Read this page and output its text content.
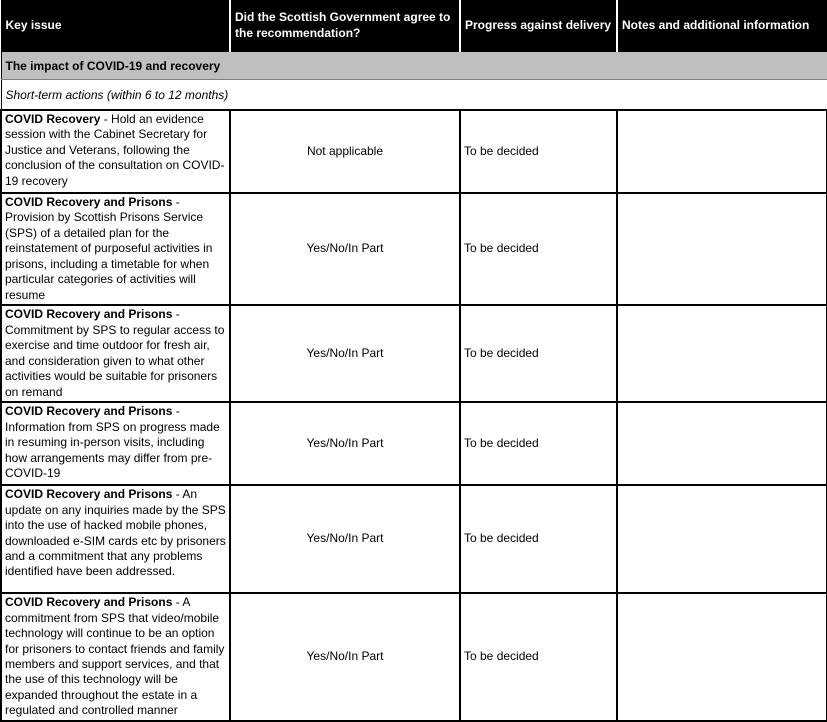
Key issue	Did the Scottish Government agree to the recommendation?	Progress against delivery	Notes and additional information
The impact of COVID-19 and recovery			
Short-term actions (within 6 to 12 months)			
COVID Recovery - Hold an evidence session with the Cabinet Secretary for Justice and Veterans, following the conclusion of the consultation on COVID-19 recovery	Not applicable	To be decided	
COVID Recovery and Prisons - Provision by Scottish Prisons Service (SPS) of a detailed plan for the reinstatement of purposeful activities in prisons, including a timetable for when particular categories of activities will resume	Yes/No/In Part	To be decided	
COVID Recovery and Prisons - Commitment by SPS to regular access to exercise and time outdoor for fresh air, and consideration given to what other activities would be suitable for prisoners on remand	Yes/No/In Part	To be decided	
COVID Recovery and Prisons - Information from SPS on progress made in resuming in-person visits, including how arrangements may differ from pre-COVID-19	Yes/No/In Part	To be decided	
COVID Recovery and Prisons - An update on any inquiries made by the SPS into the use of hacked mobile phones, downloaded e-SIM cards etc by prisoners and a commitment that any problems identified have been addressed.	Yes/No/In Part	To be decided	
COVID Recovery and Prisons - A commitment from SPS that video/mobile technology will continue to be an option for prisoners to contact friends and family members and support services, and that the use of this technology will be expanded throughout the estate in a regulated and controlled manner	Yes/No/In Part	To be decided	
